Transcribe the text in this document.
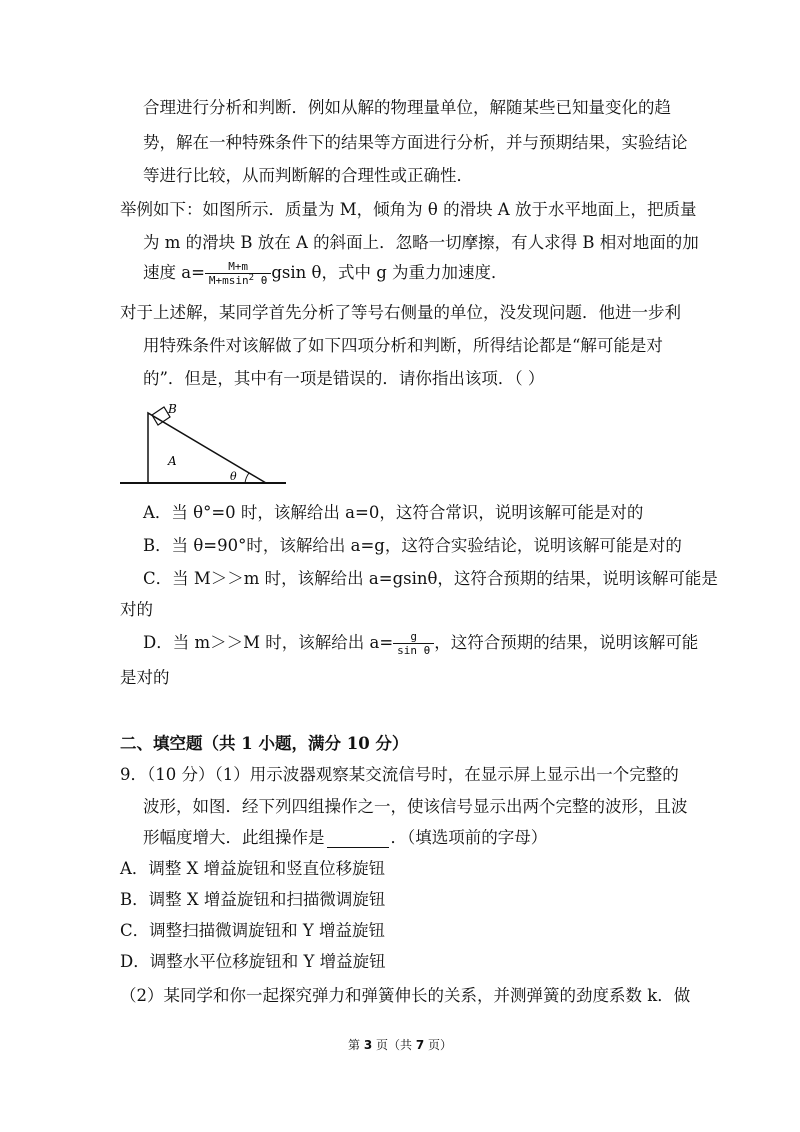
合理进行分析和判断．例如从解的物理量单位，解随某些已知量变化的趋
势，解在一种特殊条件下的结果等方面进行分析，并与预期结果，实验结论
等进行比较，从而判断解的合理性或正确性．
举例如下：如图所示．质量为 M，倾角为 θ 的滑块 A 放于水平地面上，把质量
为 m 的滑块 B 放在 A 的斜面上．忽略一切摩擦，有人求得 B 相对地面的加
速度 $a= \frac{M+m}{M+msin^2 \theta}$ gsin θ，式中 g 为重力加速度．
对于上述解，某同学首先分析了等号右侧量的单位，没发现问题．他进一步利
用特殊条件对该解做了如下四项分析和判断，所得结论都是“解可能是对
的”．但是，其中有一项是错误的．请你指出该项．（ ）
B
A
θ
A．当 θ°=0 时，该解给出 a=0，这符合常识，说明该解可能是对的
B．当 θ=90°时，该解给出 a=g，这符合实验结论，说明该解可能是对的
C．当 M＞＞m 时，该解给出 a=gsinθ，这符合预期的结果，说明该解可能是
对的
D．当 m＞＞M 时，该解给出 $a= \frac{g}{\text{sin θ}}$ ，这符合预期的结果，说明该解可能
是对的
二、填空题（共 1 小题，满分 10 分）
9．（10 分）（1）用示波器观察某交流信号时，在显示屏上显示出一个完整的
波形，如图．经下列四组操作之一，使该信号显示出两个完整的波形，且波
形幅度增大．此组操作是	．（填选项前的字母）
A．调整 X 增益旋钮和竖直位移旋钮
B．调整 X 增益旋钮和扫描微调旋钮
C．调整扫描微调旋钮和 Y 增益旋钮
D．调整水平位移旋钮和 Y 增益旋钮
（2）某同学和你一起探究弹力和弹簧伸长的关系，并测弹簧的劲度系数 k．做
第 3 页（共 7 页）
